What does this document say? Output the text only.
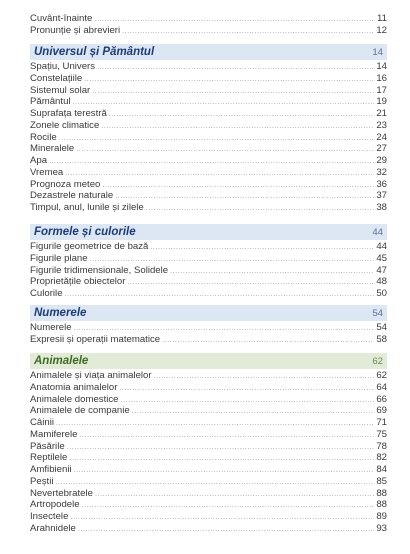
Cuvânt-înainte .....	11
Pronunție și abrevieri .....	12
Universul și Pământul	14
Spațiu, Univers .....	14
Constelațiile .....	16
Sistemul solar .....	17
Pământul .....	19
Suprafața terestră .....	21
Zonele climatice .....	23
Rocile .....	24
Mineralele .....	27
Apa .....	29
Vremea .....	32
Prognoza meteo .....	36
Dezastrele naturale .....	37
Timpul, anul, lunile și zilele .....	38
Formele și culorile	44
Figurile geometrice de bază .....	44
Figurile plane .....	45
Figurile tridimensionale, Solidele .....	47
Proprietățile obiectelor .....	48
Culorile .....	50
Numerele	54
Numerele .....	54
Expresii și operații matematice .....	58
Animalele	62
Animalele și viața animalelor .....	62
Anatomia animalelor .....	64
Animalele domestice .....	66
Animalele de companie .....	69
Câinii .....	71
Mamiferele .....	75
Păsările .....	78
Reptilele .....	82
Amfibienii .....	84
Peștii .....	85
Nevertebratele .....	88
Artropodele .....	88
Insectele .....	89
Arahnidele .....	93
